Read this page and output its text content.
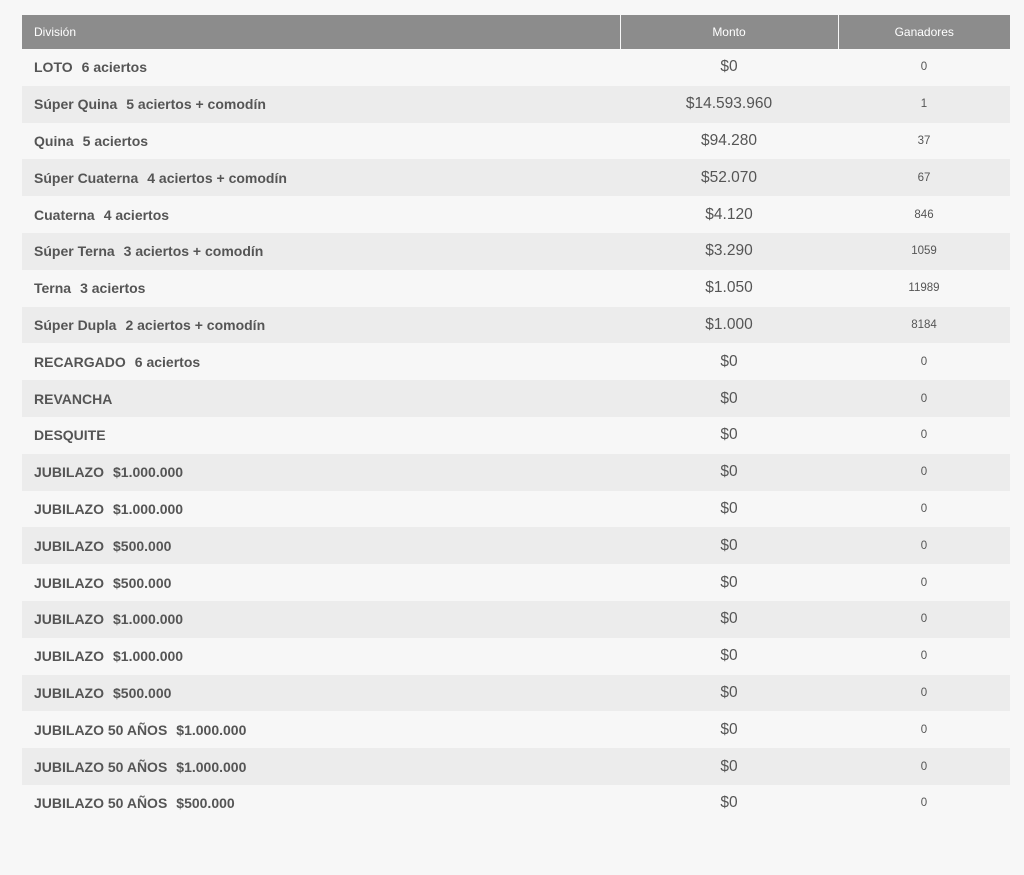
División	Monto	Ganadores
LOTO 6 aciertos	$0	0
Súper Quina 5 aciertos + comodín	$14.593.960	1
Quina 5 aciertos	$94.280	37
Súper Cuaterna 4 aciertos + comodín	$52.070	67
Cuaterna 4 aciertos	$4.120	846
Súper Terna 3 aciertos + comodín	$3.290	1059
Terna 3 aciertos	$1.050	11989
Súper Dupla 2 aciertos + comodín	$1.000	8184
RECARGADO 6 aciertos	$0	0
REVANCHA	$0	0
DESQUITE	$0	0
JUBILAZO $1.000.000	$0	0
JUBILAZO $1.000.000	$0	0
JUBILAZO $500.000	$0	0
JUBILAZO $500.000	$0	0
JUBILAZO $1.000.000	$0	0
JUBILAZO $1.000.000	$0	0
JUBILAZO $500.000	$0	0
JUBILAZO 50 AÑOS $1.000.000	$0	0
JUBILAZO 50 AÑOS $1.000.000	$0	0
JUBILAZO 50 AÑOS $500.000	$0	0
